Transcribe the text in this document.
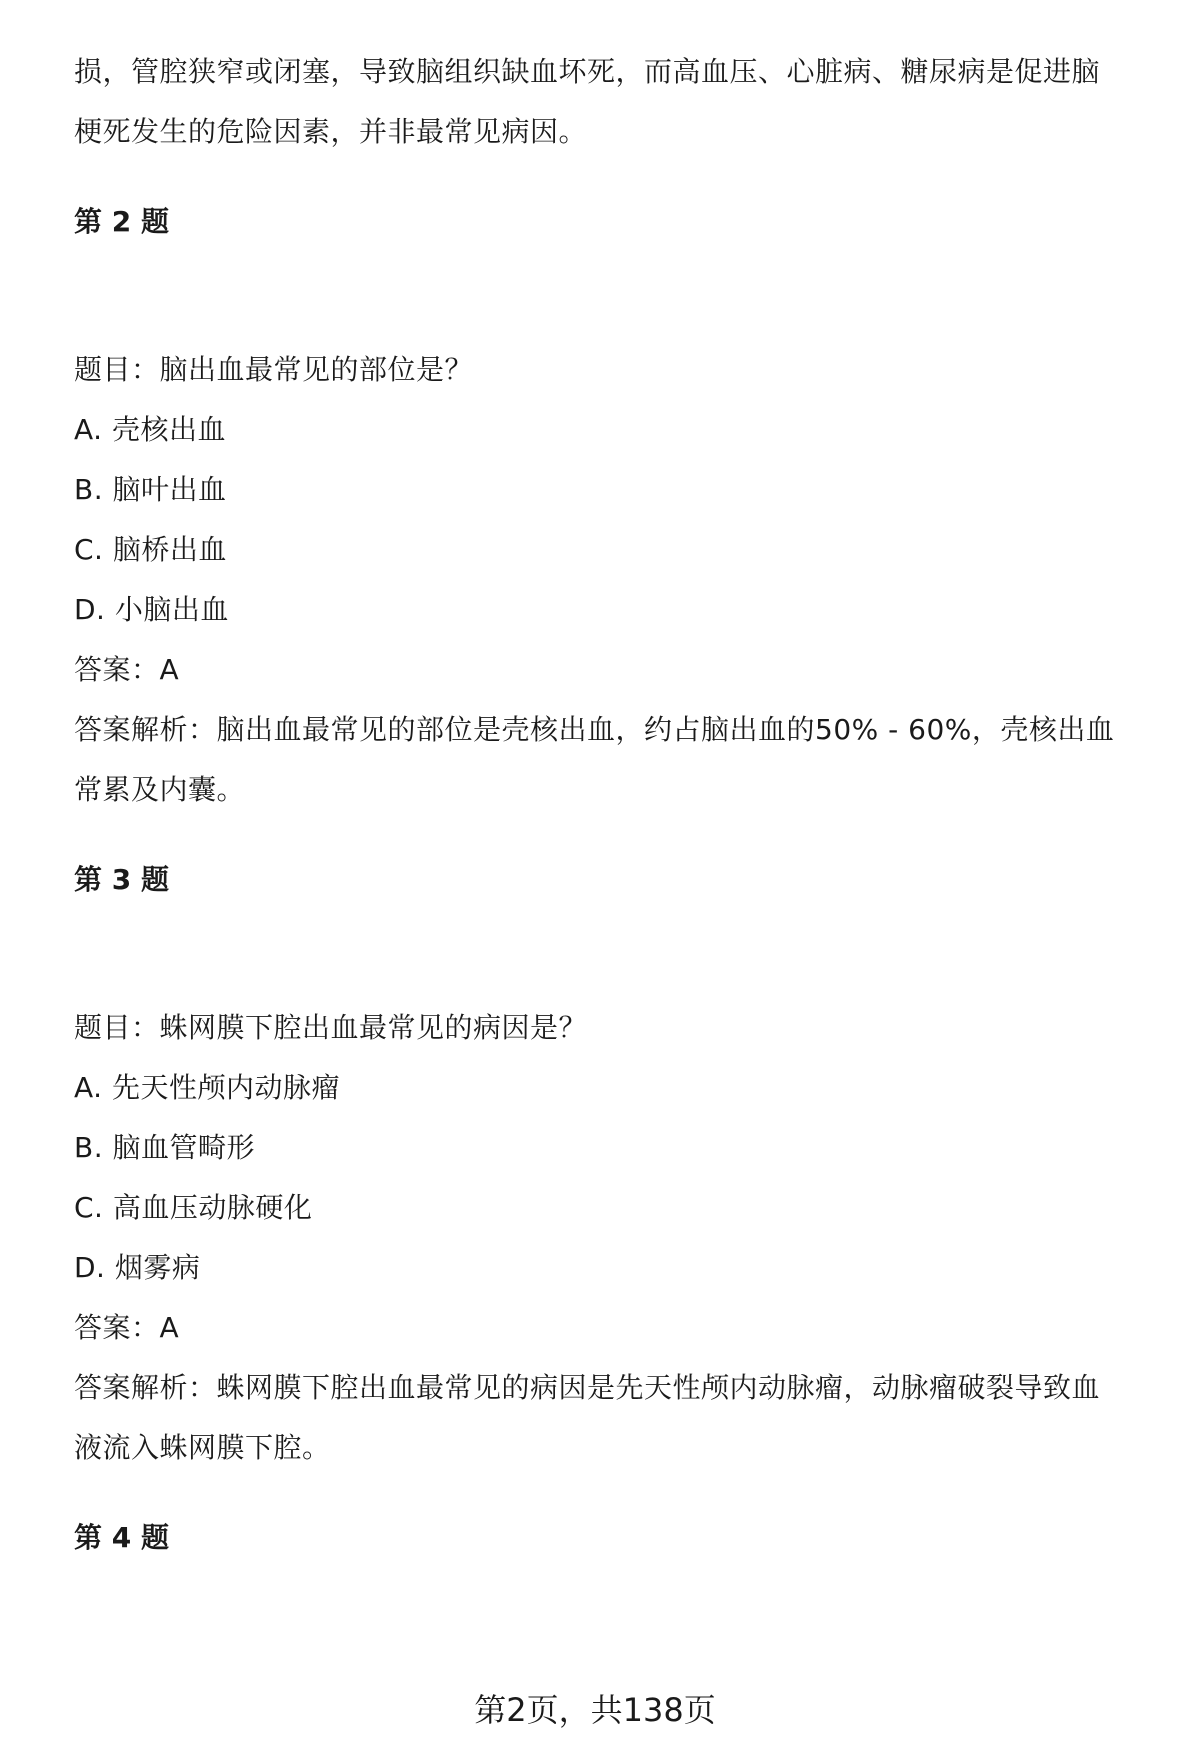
损，管腔狭窄或闭塞，导致脑组织缺血坏死，而高血压、心脏病、糖尿病是促进脑
梗死发生的危险因素，并非最常见病因。

第 2 题
题目：脑出血最常见的部位是？
A. 壳核出血
B. 脑叶出血
C. 脑桥出血
D. 小脑出血
答案：A

答案解析：脑出血最常见的部位是壳核出血，约占脑出血的50% - 60%，壳核出血
常累及内囊。

第 3 题
题目：蛛网膜下腔出血最常见的病因是？
A. 先天性颅内动脉瘤
B. 脑血管畸形
C. 高血压动脉硬化
D. 烟雾病
答案：A

答案解析：蛛网膜下腔出血最常见的病因是先天性颅内动脉瘤，动脉瘤破裂导致血
液流入蛛网膜下腔。

第 4 题
第2页，共138页
